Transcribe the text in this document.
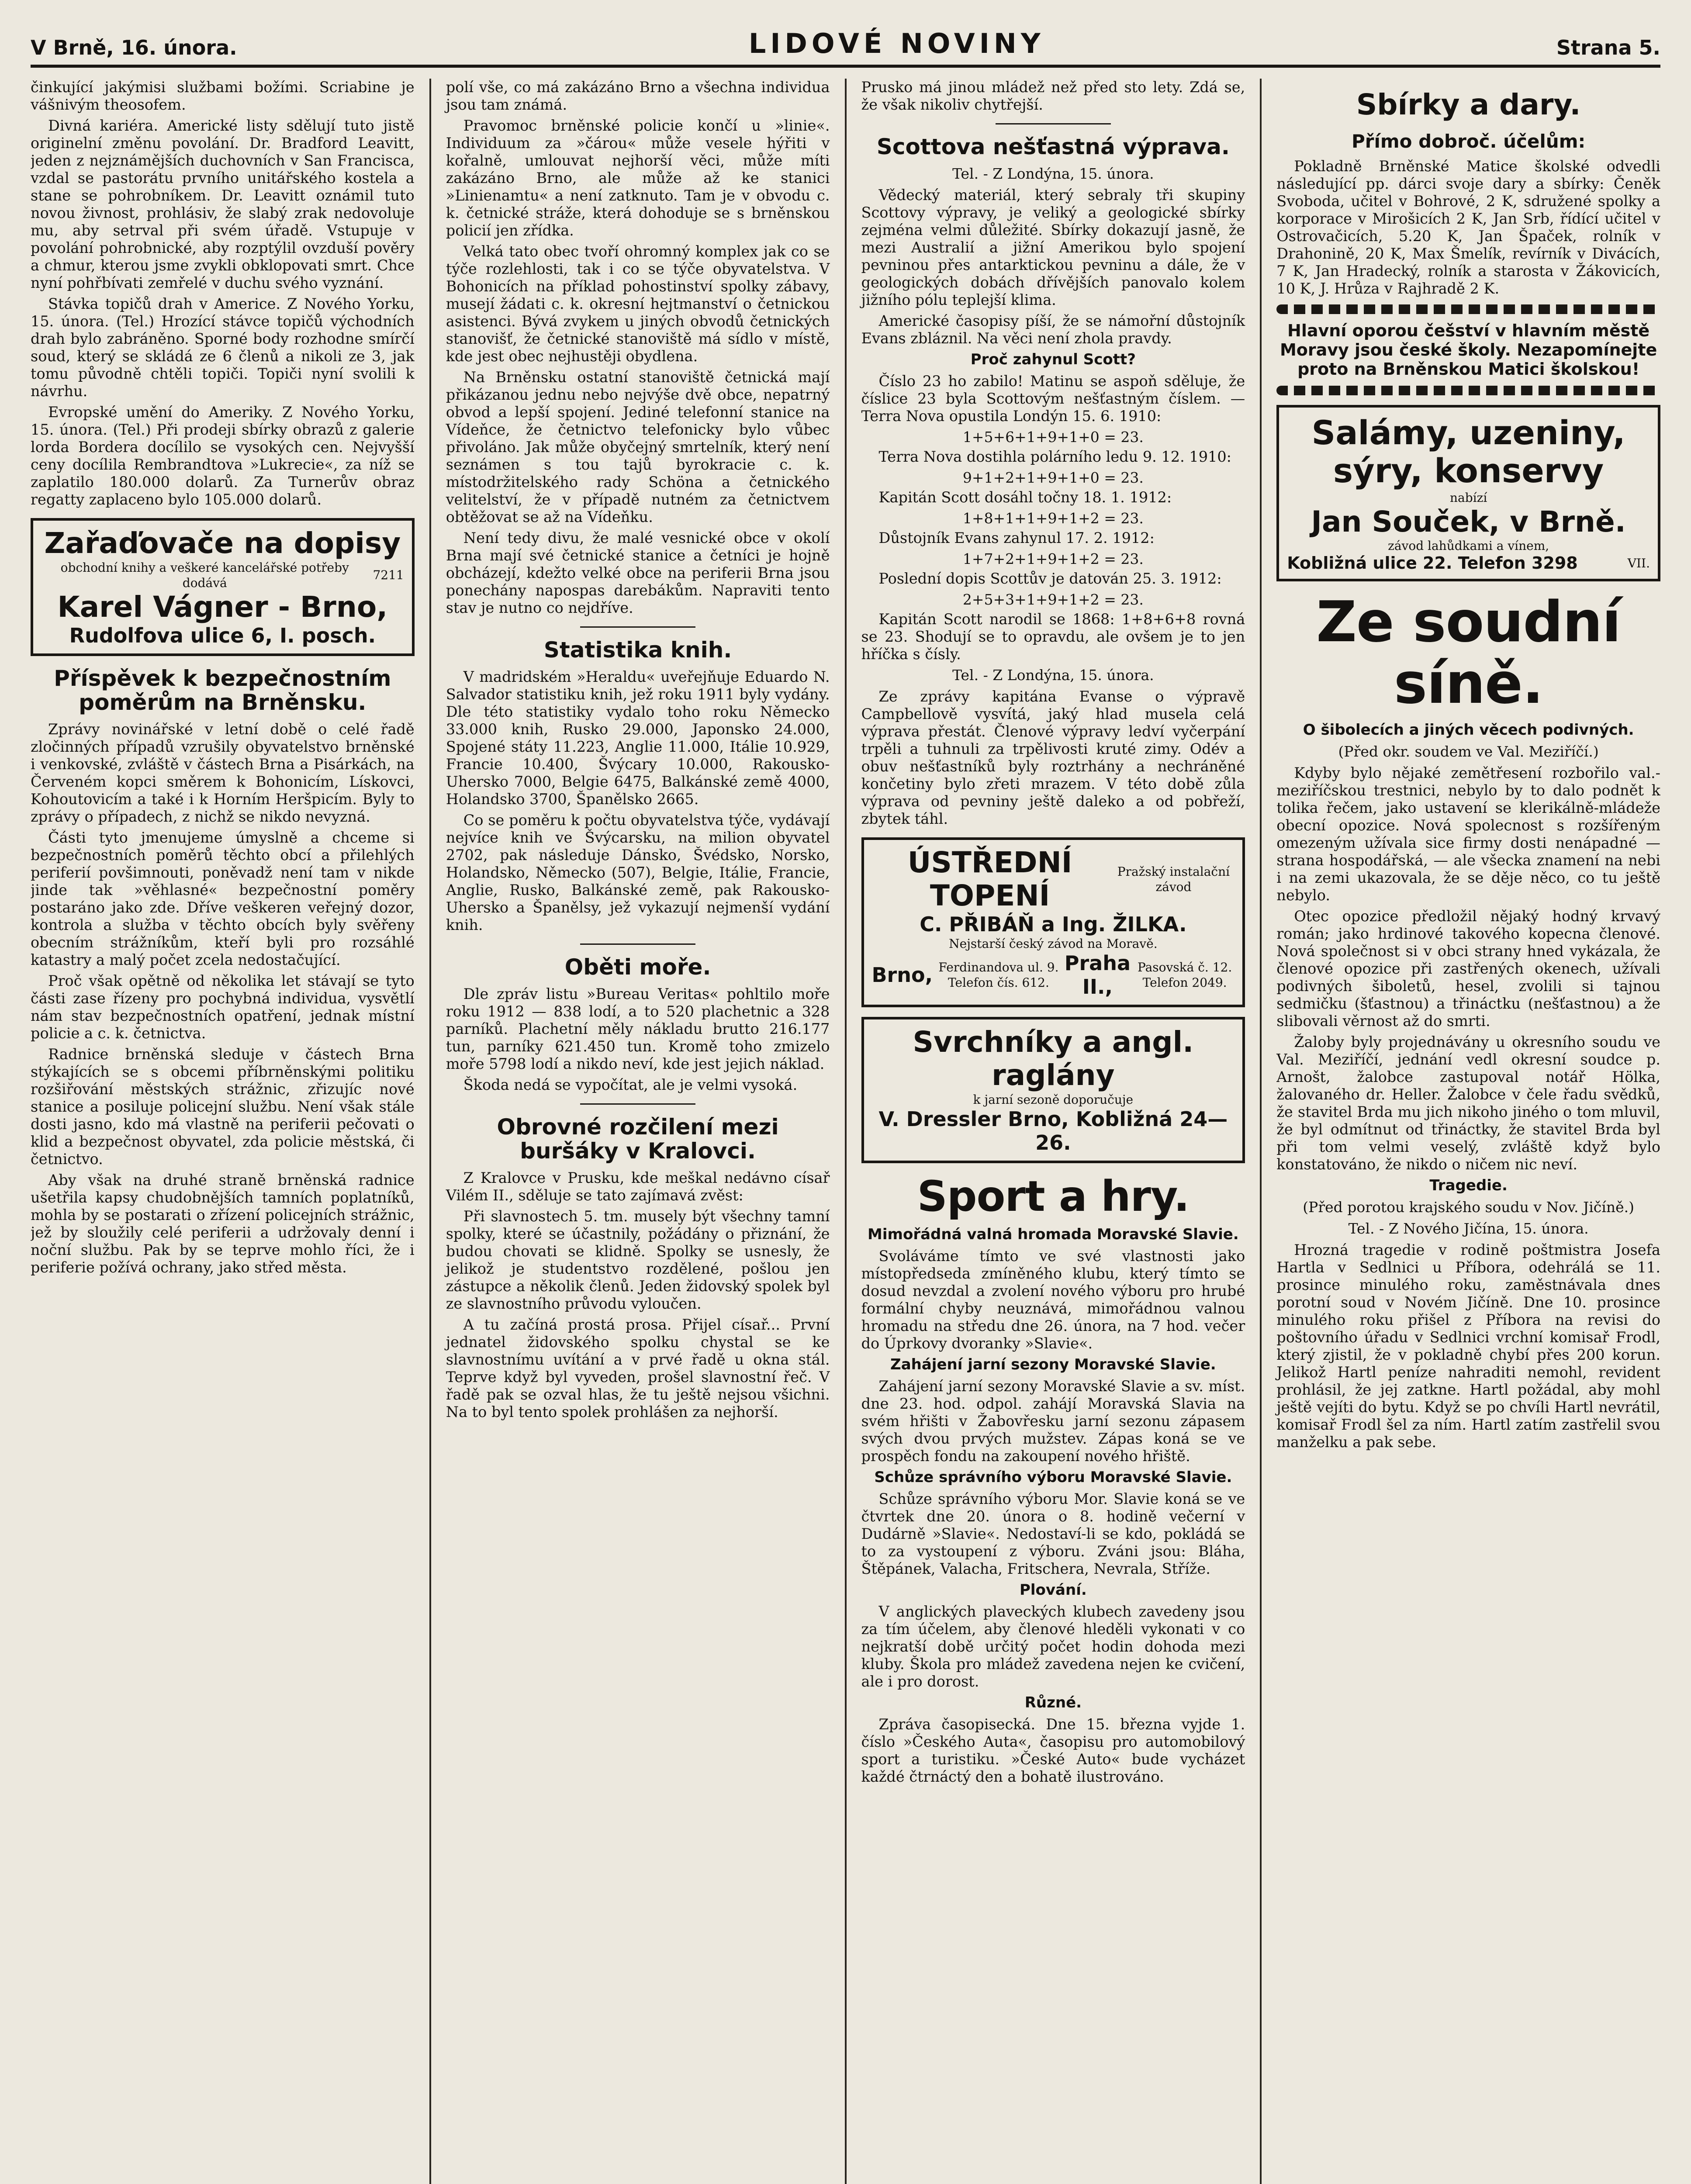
V Brně, 16. února.	LIDOVÉ NOVINY	Strana 5.

činkující jakýmisi službami božími. Scriabine je vášnivým theosofem.

Divná kariéra. Americké listy sdělují tuto jistě originelní změnu povolání. Dr. Bradford Leavitt, jeden z nejznámějších duchovních v San Francisca, vzdal se pastorátu prvního unitářského kostela a stane se pohrobníkem. Dr. Leavitt oznámil tuto novou živnost, prohlásiv, že slabý zrak nedovoluje mu, aby setrval při svém úřadě. Vstupuje v povolání pohrobnické, aby rozptýlil ovzduší pověry a chmur, kterou jsme zvykli obklopovati smrt. Chce nyní pohřbívati zemřelé v duchu svého vyznání.

Stávka topičů drah v Americe. Z Nového Yorku, 15. února. (Tel.) Hrozící stávce topičů východních drah bylo zabráněno. Sporné body rozhodne smírčí soud, který se skládá ze 6 členů a nikoli ze 3, jak tomu původně chtěli topiči. Topiči nyní svolili k návrhu.

Evropské umění do Ameriky. Z Nového Yorku, 15. února. (Tel.) Při prodeji sbírky obrazů z galerie lorda Bordera docílilo se vysokých cen. Nejvyšší ceny docílila Rembrandtova »Lukrecie«, za níž se zaplatilo 180.000 dolarů. Za Turnerův obraz regatty zaplaceno bylo 105.000 dolarů.

Zařaďovače na dopisy
obchodní knihy a veškeré kancelářské potřeby dodává
7211
Karel Vágner - Brno,
Rudolfova ulice 6, I. posch.
Příspěvek k bezpečnostním poměrům na Brněnsku.

Zprávy novinářské v letní době o celé řadě zločinných případů vzrušily obyvatelstvo brněnské i venkovské, zvláště v částech Brna a Pisárkách, na Červeném kopci směrem k Bohonicím, Lískovci, Kohoutovicím a také i k Horním Heršpicím. Byly to zprávy o případech, z nichž se nikdo nevyzná.

Části tyto jmenujeme úmyslně a chceme si bezpečnostních poměrů těchto obcí a přilehlých periferií povšimnouti, poněvadž není tam v nikde jinde tak »věhlasné« bezpečnostní poměry postaráno jako zde. Dříve veškeren veřejný dozor, kontrola a služba v těchto obcích byly svěřeny obecním strážníkům, kteří byli pro rozsáhlé katastry a malý počet zcela nedostačující.

Proč však opětně od několika let stávají se tyto části zase řízeny pro pochybná individua, vysvětlí nám stav bezpečnostních opatření, jednak místní policie a c. k. četnictva.

Radnice brněnská sleduje v částech Brna stýkajících se s obcemi příbrněnskými politiku rozšiřování městských strážnic, zřizujíc nové stanice a posiluje policejní službu. Není však stále dosti jasno, kdo má vlastně na periferii pečovati o klid a bezpečnost obyvatel, zda policie městská, či četnictvo.

Aby však na druhé straně brněnská radnice ušetřila kapsy chudobnějších tamních poplatníků, mohla by se postarati o zřízení policejních strážnic, jež by sloužily celé periferii a udržovaly denní i noční službu. Pak by se teprve mohlo říci, že i periferie požívá ochrany, jako střed města.

polí vše, co má zakázáno Brno a všechna individua jsou tam známá.

Pravomoc brněnské policie končí u »linie«. Individuum za »čárou« může vesele hýřiti v kořalně, umlouvat nejhorší věci, může míti zakázáno Brno, ale může až ke stanici »Linienamtu« a není zatknuto. Tam je v obvodu c. k. četnické stráže, která dohoduje se s brněnskou policií jen zřídka.

Velká tato obec tvoří ohromný komplex jak co se týče rozlehlosti, tak i co se týče obyvatelstva. V Bohonicích na příklad pohostinství spolky zábavy, musejí žádati c. k. okresní hejtmanství o četnickou asistenci. Bývá zvykem u jiných obvodů četnických stanovišť, že četnické stanoviště má sídlo v místě, kde jest obec nejhustěji obydlena.

Na Brněnsku ostatní stanoviště četnická mají přikázanou jednu nebo nejvýše dvě obce, nepatrný obvod a lepší spojení. Jediné telefonní stanice na Vídeňce, že četnictvo telefonicky bylo vůbec přivoláno. Jak může obyčejný smrtelník, který není seznámen s tou tajů byrokracie c. k. místodržitelského rady Schöna a četnického velitelství, že v případě nutném za četnictvem obtěžovat se až na Vídeňku.

Není tedy divu, že malé vesnické obce v okolí Brna mají své četnické stanice a četníci je hojně obcházejí, kdežto velké obce na periferii Brna jsou ponechány napospas darebákům. Napraviti tento stav je nutno co nejdříve.

Statistika knih.

V madridském »Heraldu« uveřejňuje Eduardo N. Salvador statistiku knih, jež roku 1911 byly vydány. Dle této statistiky vydalo toho roku Německo 33.000 knih, Rusko 29.000, Japonsko 24.000, Spojené státy 11.223, Anglie 11.000, Itálie 10.929, Francie 10.400, Švýcary 10.000, Rakousko-Uhersko 7000, Belgie 6475, Balkánské země 4000, Holandsko 3700, Španělsko 2665.

Co se poměru k počtu obyvatelstva týče, vydávají nejvíce knih ve Švýcarsku, na milion obyvatel 2702, pak následuje Dánsko, Švédsko, Norsko, Holandsko, Německo (507), Belgie, Itálie, Francie, Anglie, Rusko, Balkánské země, pak Rakousko-Uhersko a Španělsy, jež vykazují nejmenší vydání knih.

Oběti moře.

Dle zpráv listu »Bureau Veritas« pohltilo moře roku 1912 — 838 lodí, a to 520 plachetnic a 328 parníků. Plachetní měly nákladu brutto 216.177 tun, parníky 621.450 tun. Kromě toho zmizelo moře 5798 lodí a nikdo neví, kde jest jejich náklad.

Škoda nedá se vypočítat, ale je velmi vysoká.

Obrovné rozčilení mezi buršáky v Kralovci.

Z Kralovce v Prusku, kde meškal nedávno císař Vilém II., sděluje se tato zajímavá zvěst:

Při slavnostech 5. tm. musely být všechny tamní spolky, které se účastnily, požádány o přiznání, že budou chovati se klidně. Spolky se usnesly, že jelikož je studentstvo rozdělené, pošlou jen zástupce a několik členů. Jeden židovský spolek byl ze slavnostního průvodu vyloučen.

A tu začíná prostá prosa. Přijel císař... První jednatel židovského spolku chystal se ke slavnostnímu uvítání a v prvé řadě u okna stál. Teprve když byl vyveden, prošel slavnostní řeč. V řadě pak se ozval hlas, že tu ještě nejsou všichni. Na to byl tento spolek prohlášen za nejhorší.

Prusko má jinou mládež než před sto lety. Zdá se, že však nikoliv chytřejší.

Scottova nešťastná výprava.
Tel. - Z Londýna, 15. února.

Vědecký materiál, který sebraly tři skupiny Scottovy výpravy, je veliký a geologické sbírky zejména velmi důležité. Sbírky dokazují jasně, že mezi Australií a jižní Amerikou bylo spojení pevninou přes antarktickou pevninu a dále, že v geologických dobách dřívějších panovalo kolem jižního pólu teplejší klima.

Americké časopisy píší, že se námořní důstojník Evans zbláznil. Na věci není zhola pravdy.

Proč zahynul Scott?

Číslo 23 ho zabilo! Matinu se aspoň sděluje, že číslice 23 byla Scottovým nešťastným číslem. — Terra Nova opustila Londýn 15. 6. 1910:

1+5+6+1+9+1+0 = 23.

Terra Nova dostihla polárního ledu 9. 12. 1910:

9+1+2+1+9+1+0 = 23.

Kapitán Scott dosáhl točny 18. 1. 1912:

1+8+1+1+9+1+2 = 23.

Důstojník Evans zahynul 17. 2. 1912:

1+7+2+1+9+1+2 = 23.

Poslední dopis Scottův je datován 25. 3. 1912:

2+5+3+1+9+1+2 = 23.

Kapitán Scott narodil se 1868: 1+8+6+8 rovná se 23. Shodují se to opravdu, ale ovšem je to jen hříčka s čísly.

Tel. - Z Londýna, 15. února.

Ze zprávy kapitána Evanse o výpravě Campbellově vysvítá, jaký hlad musela celá výprava přestát. Členové výpravy ledví vyčerpání trpěli a tuhnuli za trpělivosti kruté zimy. Odév a obuv nešťastníků byly roztrhány a nechráněné končetiny bylo zřeti mrazem. V této době zůla výprava od pevniny ještě daleko a od pobřeží, zbytek táhl.

ÚSTŘEDNÍ TOPENÍ
Pražský instalační závod
C. PŘIBÁŇ a Ing. ŽILKA.
Nejstarší český závod na Moravě.
Brno, Ferdinandova ul. 9. Telefon čís. 612.
Praha II.,
Pasovská č. 12. Telefon 2049.
Svrchníky a angl. raglány
k jarní sezoně doporučuje
V. Dressler Brno, Kobližná 24—26.
Sport a hry.
Mimořádná valná hromada Moravské Slavie.

Svoláváme tímto ve své vlastnosti jako místopředseda zmíněného klubu, který tímto se dosud nevzdal a zvolení nového výboru pro hrubé formální chyby neuznává, mimořádnou valnou hromadu na středu dne 26. února, na 7 hod. večer do Úprkovy dvoranky »Slavie«.

Zahájení jarní sezony Moravské Slavie.

Zahájení jarní sezony Moravské Slavie a sv. míst. dne 23. hod. odpol. zahájí Moravská Slavia na svém hřišti v Žabovřesku jarní sezonu zápasem svých dvou prvých mužstev. Zápas koná se ve prospěch fondu na zakoupení nového hřiště.

Schůze správního výboru Moravské Slavie.

Schůze správního výboru Mor. Slavie koná se ve čtvrtek dne 20. února o 8. hodině večerní v Dudárně »Slavie«. Nedostaví-li se kdo, pokládá se to za vystoupení z výboru. Zváni jsou: Bláha, Štěpánek, Valacha, Fritschera, Nevrala, Stříže.

Plování.

V anglických plaveckých klubech zavedeny jsou za tím účelem, aby členové hleděli vykonati v co nejkratší době určitý počet hodin dohoda mezi kluby. Škola pro mládež zavedena nejen ke cvičení, ale i pro dorost.

Různé.

Zpráva časopisecká. Dne 15. března vyjde 1. číslo »Českého Auta«, časopisu pro automobilový sport a turistiku. »České Auto« bude vycházet každé čtrnáctý den a bohatě ilustrováno.

Sbírky a dary.
Přímo dobroč. účelům:

Pokladně Brněnské Matice školské odvedli následující pp. dárci svoje dary a sbírky: Čeněk Svoboda, učitel v Bohrové, 2 K, sdružené spolky a korporace v Mirošicích 2 K, Jan Srb, řídící učitel v Ostrovačicích, 5.20 K, Jan Špaček, rolník v Drahonině, 20 K, Max Šmelík, revírník v Divácích, 7 K, Jan Hradecký, rolník a starosta v Žákovicích, 10 K, J. Hrůza v Rajhradě 2 K.

Hlavní oporou češství v hlavním městě Moravy jsou české školy. Nezapomínejte proto na Brněnskou Matici školskou!
Salámy, uzeniny, sýry, konservy
nabízí
Jan Souček, v Brně.
závod lahůdkami a vínem,
Kobližná ulice 22. Telefon 3298	VII.
Ze soudní síně.
O šibolecích a jiných věcech podivných.
(Před okr. soudem ve Val. Meziříčí.)

Kdyby bylo nějaké zemětřesení rozbořilo val.-meziříčskou trestnici, nebylo by to dalo podnět k tolika řečem, jako ustavení se klerikálně-mládeže obecní opozice. Nová spolecnost s rozšířeným omezeným užívala sice firmy dosti nenápadné — strana hospodářská, — ale všecka znamení na nebi i na zemi ukazovala, že se děje něco, co tu ještě nebylo.

Otec opozice předložil nějaký hodný krvavý román; jako hrdinové takového kopecna členové. Nová společnost si v obci strany hned vykázala, že členové opozice při zastřených okenech, užívali podivných šiboletů, hesel, zvolili si tajnou sedmičku (šťastnou) a třináctku (nešťastnou) a že slibovali věrnost až do smrti.

Žaloby byly projednávány u okresního soudu ve Val. Meziříčí, jednání vedl okresní soudce p. Arnošt, žalobce zastupoval notář Hölka, žalovaného dr. Heller. Žalobce v čele řadu svědků, že stavitel Brda mu jich nikoho jiného o tom mluvil, že byl odmítnut od třináctky, že stavitel Brda byl při tom velmi veselý, zvláště když bylo konstatováno, že nikdo o ničem nic neví.

Tragedie.
(Před porotou krajského soudu v Nov. Jičíně.)
Tel. - Z Nového Jičína, 15. února.

Hrozná tragedie v rodině poštmistra Josefa Hartla v Sedlnici u Příbora, odehrálá se 11. prosince minulého roku, zaměstnávala dnes porotní soud v Novém Jičíně. Dne 10. prosince minulého roku přišel z Příbora na revisi do poštovního úřadu v Sedlnici vrchní komisař Frodl, který zjistil, že v pokladně chybí přes 200 korun. Jelikož Hartl peníze nahraditi nemohl, revident prohlásil, že jej zatkne. Hartl požádal, aby mohl ještě vejíti do bytu. Když se po chvíli Hartl nevrátil, komisař Frodl šel za ním. Hartl zatím zastřelil svou manželku a pak sebe.
